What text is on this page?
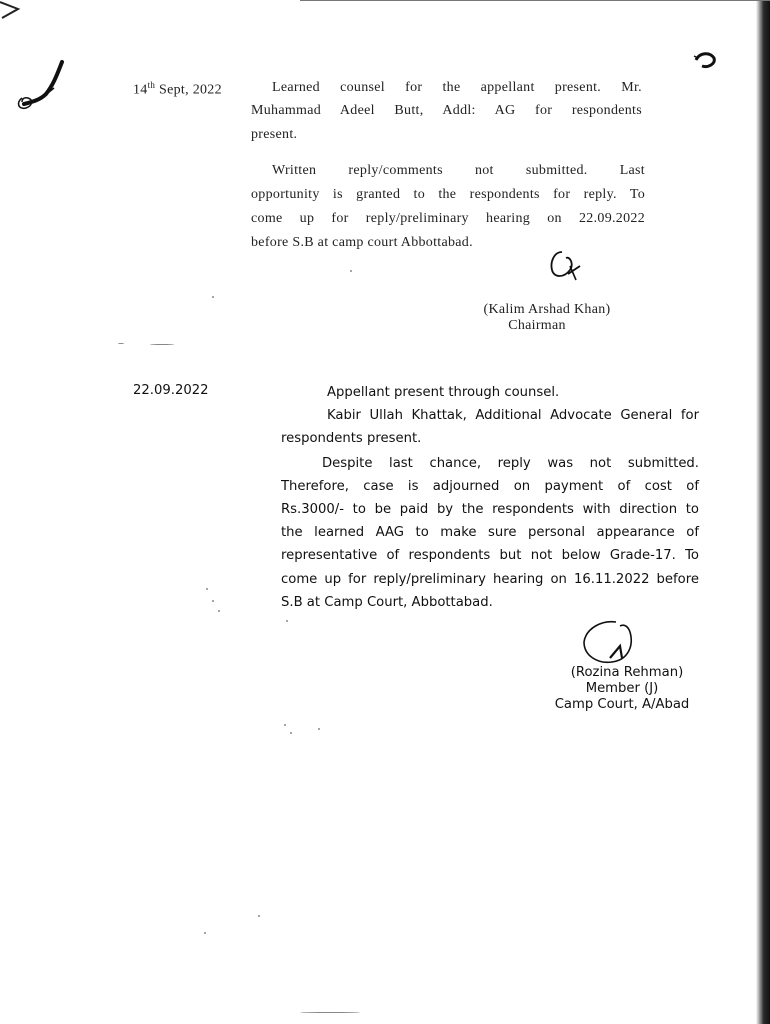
14th Sept, 2022	Learned counsel for the appellant present. Mr.
Muhammad Adeel Butt, Addl: AG for respondents
present.
Written reply/comments not submitted. Last
opportunity is granted to the respondents for reply. To
come up for reply/preliminary hearing on 22.09.2022
before S.B at camp court Abbottabad.
(Kalim Arshad Khan)
Chairman
22.09.2022	Appellant present through counsel.
Kabir Ullah Khattak, Additional Advocate General for
respondents present.
Despite last chance, reply was not submitted.
Therefore, case is adjourned on payment of cost of
Rs.3000/- to be paid by the respondents with direction to
the learned AAG to make sure personal appearance of
representative of respondents but not below Grade-17. To
come up for reply/preliminary hearing on 16.11.2022 before
S.B at Camp Court, Abbottabad.
(Rozina Rehman)
Member (J)
Camp Court, A/Abad
